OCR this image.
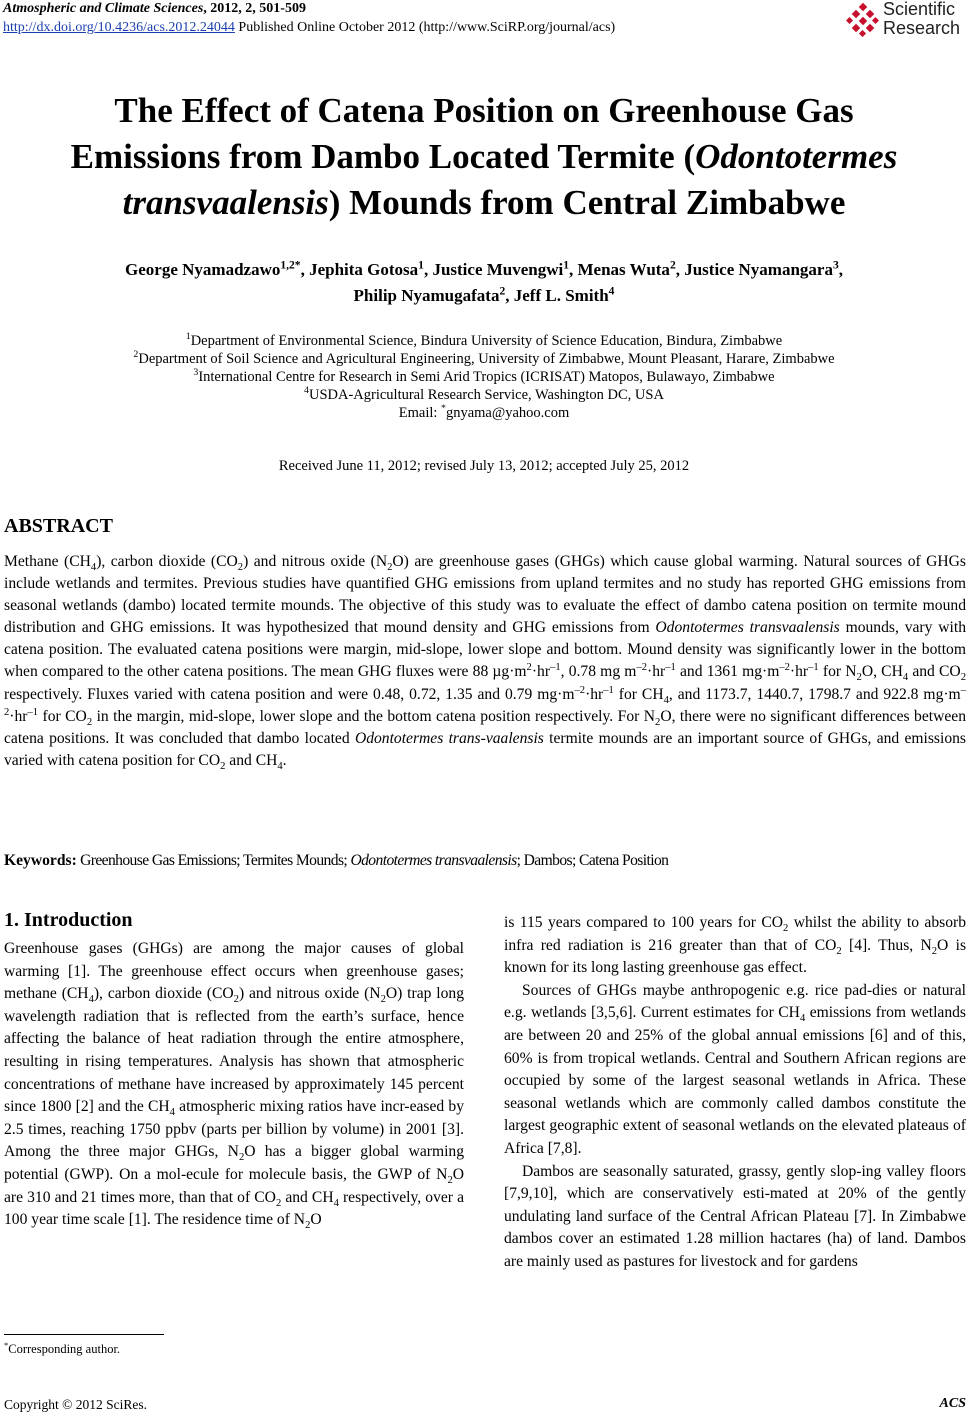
Atmospheric and Climate Sciences, 2012, 2, 501-509
http://dx.doi.org/10.4236/acs.2012.24044 Published Online October 2012 (http://www.SciRP.org/journal/acs)
Scientific
Research
The Effect of Catena Position on Greenhouse Gas
Emissions from Dambo Located Termite (Odontotermes
transvaalensis) Mounds from Central Zimbabwe
George Nyamadzawo$^{1,2*}$, Jephita Gotosa$^1$, Justice Muvengwi$^1$, Menas Wuta$^2$, Justice Nyamangara$^3$,
Philip Nyamugafata$^2$, Jeff L. Smith$^4$
$^1$Department of Environmental Science, Bindura University of Science Education, Bindura, Zimbabwe
$^2$Department of Soil Science and Agricultural Engineering, University of Zimbabwe, Mount Pleasant, Harare, Zimbabwe
$^3$International Centre for Research in Semi Arid Tropics (ICRISAT) Matopos, Bulawayo, Zimbabwe
$^4$USDA-Agricultural Research Service, Washington DC, USA
Email: *gnyama@yahoo.com
Received June 11, 2012; revised July 13, 2012; accepted July 25, 2012
ABSTRACT
Methane $(CH_4)$, carbon dioxide $(CO_2)$ and nitrous oxide $(N_2O)$ are greenhouse gases (GHGs) which cause global warming. Natural sources of GHGs include wetlands and termites. Previous studies have quantified GHG emissions from upland termites and no study has reported GHG emissions from seasonal wetlands (dambo) located termite mounds. The objective of this study was to evaluate the effect of dambo catena position on termite mound distribution and GHG emissions. It was hypothesized that mound density and GHG emissions from Odontotermes transvaalensis mounds, vary with catena position. The evaluated catena positions were margin, mid-slope, lower slope and bottom. Mound density was significantly lower in the bottom when compared to the other catena positions. The mean GHG fluxes were 88 $\mu g\cdot m^2\cdot hr^{-1}$, 0.78 mg $m^{-2}\cdot hr^{-1}$ and 1361 $mg\cdot m^{-2}\cdot hr^{-1}$ for $N_2O$, $CH_4$ and $CO_2$ respectively. Fluxes varied with catena position and were 0.48, 0.72, 1.35 and 0.79 $mg\cdot m^{-2}\cdot hr^{-1}$ for $CH_4$, and 1173.7, 1440.7, 1798.7 and 922.8 $mg\cdot m^{-2}\cdot hr^{-1}$ for $CO_2$ in the margin, mid-slope, lower slope and the bottom catena position respectively. For $N_2O$, there were no significant differences between catena positions. It was concluded that dambo located Odontotermes trans-vaalensis termite mounds are an important source of GHGs, and emissions varied with catena position for $CO_2$ and $CH_4$.
Keywords: Greenhouse Gas Emissions; Termites Mounds; Odontotermes transvaalensis; Dambos; Catena Position
1. Introduction

Greenhouse gases (GHGs) are among the major causes of global warming [1]. The greenhouse effect occurs when greenhouse gases; methane $(CH_4)$, carbon dioxide $(CO_2)$ and nitrous oxide $(N_2O)$ trap long wavelength radiation that is reflected from the earth’s surface, hence affecting the balance of heat radiation through the entire atmosphere, resulting in rising temperatures. Analysis has shown that atmospheric concentrations of methane have increased by approximately 145 percent since 1800 [2] and the $CH_4$ atmospheric mixing ratios have incr-eased by 2.5 times, reaching 1750 ppbv (parts per billion by volume) in 2001 [3]. Among the three major GHGs, $N_2O$ has a bigger global warming potential (GWP). On a mol-ecule for molecule basis, the GWP of $N_2O$ are 310 and 21 times more, than that of $CO_2$ and $CH_4$ respectively, over a 100 year time scale [1]. The residence time of $N_2O$

is 115 years compared to 100 years for $CO_2$ whilst the ability to absorb infra red radiation is 216 greater than that of $CO_2$ [4]. Thus, $N_2O$ is known for its long lasting greenhouse gas effect.

Sources of GHGs maybe anthropogenic e.g. rice pad-dies or natural e.g. wetlands [3,5,6]. Current estimates for $CH_4$ emissions from wetlands are between 20 and 25% of the global annual emissions [6] and of this, 60% is from tropical wetlands. Central and Southern African regions are occupied by some of the largest seasonal wetlands in Africa. These seasonal wetlands which are commonly called dambos constitute the largest geographic extent of seasonal wetlands on the elevated plateaus of Africa [7,8].

Dambos are seasonally saturated, grassy, gently slop-ing valley floors [7,9,10], which are conservatively esti-mated at 20% of the gently undulating land surface of the Central African Plateau [7]. In Zimbabwe dambos cover an estimated 1.28 million hactares (ha) of land. Dambos are mainly used as pastures for livestock and for gardens

*Corresponding author.
Copyright © 2012 SciRes.	ACS
